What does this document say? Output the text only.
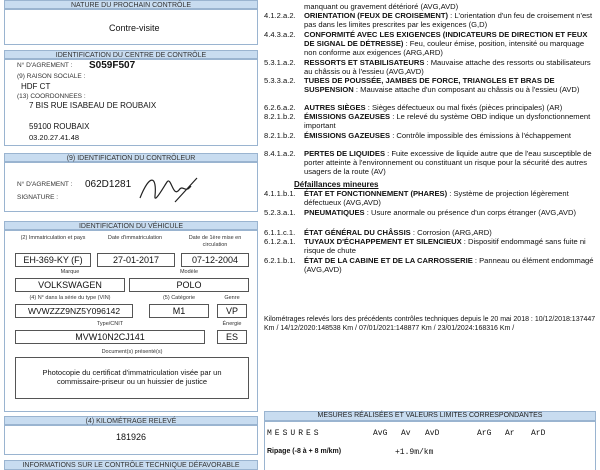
NATURE DU PROCHAIN CONTRÔLE
Contre-visite
IDENTIFICATION DU CENTRE DE CONTRÔLE
N° D'AGREMENT : S059F507
(9) RAISON SOCIALE :
HDF CT
(13) COORDONNEES :
7 BIS RUE ISABEAU DE ROUBAIX
59100 ROUBAIX
03.20.27.41.48
(9) IDENTIFICATION DU CONTRÔLEUR
N° D'AGREMENT : 062D1281
SIGNATURE :
IDENTIFICATION DU VÉHICULE
(2) Immatriculation et pays	Date d'immatriculation	Date de 1ère mise en circulation
EH-369-KY (F)	27-01-2017	07-12-2004
Marque	Modèle
VOLKSWAGEN	POLO
(4) N° dans la série du type (VIN)	(5) Catégorie	Genre
WVWZZZ9NZ5Y096142	M1	VP
Type/CNIT	Énergie
MVW10N2CJ141	ES
Document(s) présenté(s)
Photocopie du certificat d'immatriculation visée par un commissaire-priseur ou un huissier de justice
(4) KILOMÉTRAGE RELEVÉ
181926
INFORMATIONS SUR LE CONTRÔLE TECHNIQUE DÉFAVORABLE
manquant ou gravement détérioré (AVG,AVD)
4.1.2.a.2. ORIENTATION (FEUX DE CROISEMENT) : L'orientation d'un feu de croisement n'est pas dans les limites prescrites par les exigences (G,D)
4.4.3.a.2. CONFORMITÉ AVEC LES EXIGENCES (INDICATEURS DE DIRECTION ET FEUX DE SIGNAL DE DÉTRESSE) : Feu, couleur émise, position, intensité ou marquage non conforme aux exigences (ARG,ARD)
5.3.1.a.2. RESSORTS ET STABILISATEURS : Mauvaise attache des ressorts ou stabilisateurs au châssis ou à l'essieu (AVG,AVD)
5.3.3.a.2. TUBES DE POUSSÉE, JAMBES DE FORCE, TRIANGLES ET BRAS DE SUSPENSION : Mauvaise attache d'un composant au châssis ou à l'essieu (AVD)
6.2.6.a.2. AUTRES SIÈGES : Sièges défectueux ou mal fixés (pièces principales) (AR)
8.2.1.b.2. ÉMISSIONS GAZEUSES : Le relevé du système OBD indique un dysfonctionnement important
8.2.1.b.2. ÉMISSIONS GAZEUSES : Contrôle impossible des émissions à l'échappement
8.4.1.a.2. PERTES DE LIQUIDES : Fuite excessive de liquide autre que de l'eau susceptible de porter atteinte à l'environnement ou constituant un risque pour la sécurité des autres usagers de la route (AV)
Défaillances mineures
4.1.1.b.1. ÉTAT ET FONCTIONNEMENT (PHARES) : Système de projection légèrement défectueux (AVG,AVD)
5.2.3.a.1. PNEUMATIQUES : Usure anormale ou présence d'un corps étranger (AVG,AVD)
6.1.1.c.1. ÉTAT GÉNÉRAL DU CHÂSSIS : Corrosion (ARG,ARD)
6.1.2.a.1. TUYAUX D'ÉCHAPPEMENT ET SILENCIEUX : Dispositif endommagé sans fuite ni risque de chute
6.2.1.b.1. ÉTAT DE LA CABINE ET DE LA CARROSSERIE : Panneau ou élément endommagé (AVG,AVD)
Kilométrages relevés lors des précédents contrôles techniques depuis le 20 mai 2018 : 10/12/2018:137447 Km / 14/12/2020:148538 Km / 07/01/2021:148877 Km / 23/01/2024:168316 Km /
MESURES RÉALISÉES ET VALEURS LIMITES CORRESPONDANTES
MESURES	AvG Av AvD	ArG Ar ArD
Ripage (-8 à + 8 m/km)	+1.9m/km
